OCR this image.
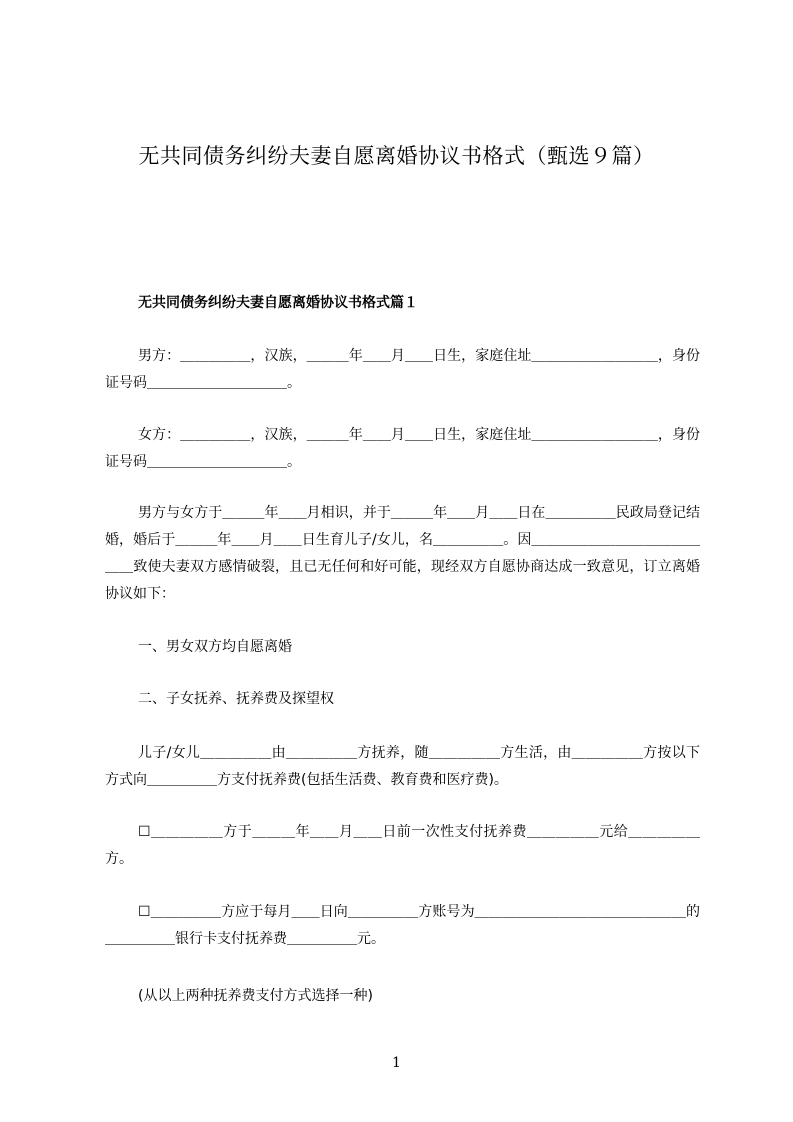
无共同债务纠纷夫妻自愿离婚协议书格式（甄选９篇）
无共同债务纠纷夫妻自愿离婚协议书格式篇１

男方：＿＿＿＿＿，汉族，＿＿＿年＿＿月＿＿日生，家庭住址＿＿＿＿＿＿＿＿＿，身份证号码＿＿＿＿＿＿＿＿＿＿。

女方：＿＿＿＿＿，汉族，＿＿＿年＿＿月＿＿日生，家庭住址＿＿＿＿＿＿＿＿＿，身份证号码＿＿＿＿＿＿＿＿＿＿。

男方与女方于＿＿＿年＿＿月相识，并于＿＿＿年＿＿月＿＿日在＿＿＿＿＿民政局登记结婚，婚后于＿＿＿年＿＿月＿＿日生育儿子/女儿，名＿＿＿＿＿。因＿＿＿＿＿＿＿＿＿＿＿＿＿＿致使夫妻双方感情破裂，且已无任何和好可能，现经双方自愿协商达成一致意见，订立离婚协议如下：

一、男女双方均自愿离婚

二、子女抚养、抚养费及探望权

儿子/女儿＿＿＿＿＿由＿＿＿＿＿方抚养，随＿＿＿＿＿方生活，由＿＿＿＿＿方按以下方式向＿＿＿＿＿方支付抚养费(包括生活费、教育费和医疗费)。

☐＿＿＿＿＿方于＿＿＿年＿＿月＿＿日前一次性支付抚养费＿＿＿＿＿元给＿＿＿＿＿方。

☐＿＿＿＿＿方应于每月＿＿日向＿＿＿＿＿方账号为＿＿＿＿＿＿＿＿＿＿＿＿＿＿＿的＿＿＿＿＿银行卡支付抚养费＿＿＿＿＿元。

(从以上两种抚养费支付方式选择一种)

1
